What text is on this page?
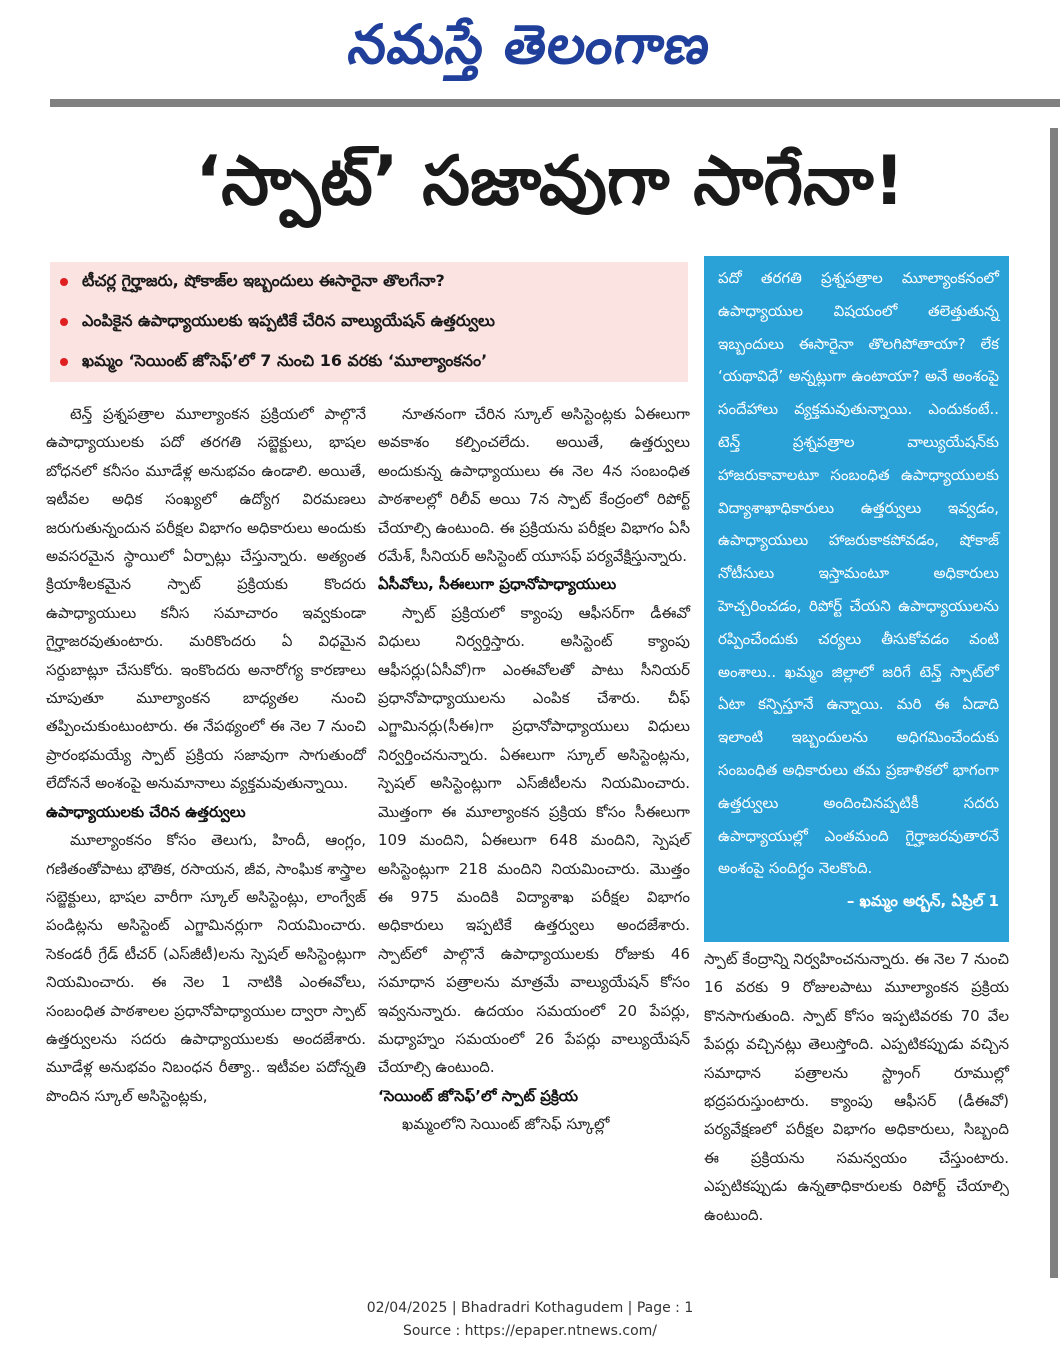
నమస్తే తెలంగాణ
‘స్పాట్’ సజావుగా సాగేనా!
టీచర్ల గైర్హాజరు, షోకాజ్‌ల ఇబ్బందులు ఈసారైనా తొలగేనా?
ఎంపికైన ఉపాధ్యాయులకు ఇప్పటికే చేరిన వాల్యుయేషన్ ఉత్తర్వులు
ఖమ్మం ‘సెయింట్ జోసెఫ్’లో 7 నుంచి 16 వరకు ‘మూల్యాంకనం’

పదో తరగతి ప్రశ్నపత్రాల మూల్యాంకనంలో ఉపాధ్యాయుల విషయంలో తలెత్తుతున్న ఇబ్బందులు ఈసారైనా తొలగిపోతాయా? లేక ‘యథావిధే’ అన్నట్లుగా ఉంటాయా? అనే అంశంపై సందేహాలు వ్యక్తమవుతున్నాయి. ఎందుకంటే.. టెన్త్ ప్రశ్నపత్రాల వాల్యుయేషన్‌కు హాజరుకావాలటూ సంబంధిత ఉపాధ్యాయులకు విద్యాశాఖాధికారులు ఉత్తర్వులు ఇవ్వడం, ఉపాధ్యాయులు హాజరుకాకపోవడం, షోకాజ్ నోటీసులు ఇస్తామంటూ అధికారులు హెచ్చరించడం, రిపోర్ట్ చేయని ఉపాధ్యాయులను రప్పించేందుకు చర్యలు తీసుకోవడం వంటి అంశాలు.. ఖమ్మం జిల్లాలో జరిగే టెన్త్ స్పాట్‌లో ఏటా కన్పిస్తూనే ఉన్నాయి. మరి ఈ ఏడాది ఇలాంటి ఇబ్బందులను అధిగమించేందుకు సంబంధిత అధికారులు తమ ప్రణాళికలో భాగంగా ఉత్తర్వులు అందించినప్పటికీ సదరు ఉపాధ్యాయుల్లో ఎంతమంది గైర్హాజరవుతారనే అంశంపై సందిగ్ధం నెలకొంది.

– ఖమ్మం అర్బన్, ఏప్రిల్ 1

టెన్త్ ప్రశ్నపత్రాల మూల్యాంకన ప్రక్రియలో పాల్గొనే ఉపాధ్యాయులకు పదో తరగతి సబ్జెక్టులు, భాషల బోధనలో కనీసం మూడేళ్ల అనుభవం ఉండాలి. అయితే, ఇటీవల అధిక సంఖ్యలో ఉద్యోగ విరమణలు జరుగుతున్నందున పరీక్షల విభాగం అధికారులు అందుకు అవసరమైన స్థాయిలో ఏర్పాట్లు చేస్తున్నారు. అత్యంత క్రియాశీలకమైన స్పాట్ ప్రక్రియకు కొందరు ఉపాధ్యాయులు కనీస సమాచారం ఇవ్వకుండా గైర్హాజరవుతుంటారు. మరికొందరు ఏ విధమైన సర్దుబాట్లూ చేసుకోరు. ఇంకొందరు అనారోగ్య కారణాలు చూపుతూ మూల్యాంకన బాధ్యతల నుంచి తప్పించుకుంటుంటారు. ఈ నేపథ్యంలో ఈ నెల 7 నుంచి ప్రారంభమయ్యే స్పాట్ ప్రక్రియ సజావుగా సాగుతుందో లేదోననే అంశంపై అనుమానాలు వ్యక్తమవుతున్నాయి.

ఉపాధ్యాయులకు చేరిన ఉత్తర్వులు

మూల్యాంకనం కోసం తెలుగు, హిందీ, ఆంగ్లం, గణితంతోపాటు భౌతిక, రసాయన, జీవ, సాంఘిక శాస్త్రాల సబ్జెక్టులు, భాషల వారీగా స్కూల్ అసిస్టెంట్లు, లాంగ్వేజ్ పండిట్లను అసిస్టెంట్ ఎగ్జామినర్లుగా నియమించారు. సెకండరీ గ్రేడ్ టీచర్ (ఎస్‌జీటీ)లను స్పెషల్ అసిస్టెంట్లుగా నియమించారు. ఈ నెల 1 నాటికి ఎంఈవోలు, సంబంధిత పాఠశాలల ప్రధానోపాధ్యాయుల ద్వారా స్పాట్ ఉత్తర్వులను సదరు ఉపాధ్యాయులకు అందజేశారు. మూడేళ్ల అనుభవం నిబంధన రీత్యా.. ఇటీవల పదోన్నతి పొందిన స్కూల్ అసిస్టెంట్లకు,

నూతనంగా చేరిన స్కూల్ అసిస్టెంట్లకు ఏఈలుగా అవకాశం కల్పించలేదు. అయితే, ఉత్తర్వులు అందుకున్న ఉపాధ్యాయులు ఈ నెల 4న సంబంధిత పాఠశాలల్లో రిలీవ్ అయి 7న స్పాట్ కేంద్రంలో రిపోర్ట్ చేయాల్సి ఉంటుంది. ఈ ప్రక్రియను పరీక్షల విభాగం ఏసీ రమేశ్, సీనియర్ అసిస్టెంట్ యూసఫ్ పర్యవేక్షిస్తున్నారు.

ఏసీవోలు, సీఈలుగా ప్రధానోపాధ్యాయులు

స్పాట్ ప్రక్రియలో క్యాంపు ఆఫీసర్‌గా డీఈవో విధులు నిర్వర్తిస్తారు. అసిస్టెంట్ క్యాంపు ఆఫీసర్లు(ఏసీవో)గా ఎంఈవోలతో పాటు సీనియర్ ప్రధానోపాధ్యాయులను ఎంపిక చేశారు. చీఫ్ ఎగ్జామినర్లు(సీఈ)గా ప్రధానోపాధ్యాయులు విధులు నిర్వర్తించనున్నారు. ఏఈలుగా స్కూల్ అసిస్టెంట్లను, స్పెషల్ అసిస్టెంట్లుగా ఎస్‌జీటీలను నియమించారు. మొత్తంగా ఈ మూల్యాంకన ప్రక్రియ కోసం సీఈలుగా 109 మందిని, ఏఈలుగా 648 మందిని, స్పెషల్ అసిస్టెంట్లుగా 218 మందిని నియమించారు. మొత్తం ఈ 975 మందికి విద్యాశాఖ పరీక్షల విభాగం అధికారులు ఇప్పటికే ఉత్తర్వులు అందజేశారు. స్పాట్‌లో పాల్గొనే ఉపాధ్యాయులకు రోజుకు 46 సమాధాన పత్రాలను మాత్రమే వాల్యుయేషన్ కోసం ఇవ్వనున్నారు. ఉదయం సమయంలో 20 పేపర్లు, మధ్యాహ్నం సమయంలో 26 పేపర్లు వాల్యుయేషన్ చేయాల్సి ఉంటుంది.

‘సెయింట్ జోసెఫ్’లో స్పాట్ ప్రక్రియ

ఖమ్మంలోని సెయింట్ జోసెఫ్ స్కూల్లో

స్పాట్ కేంద్రాన్ని నిర్వహించనున్నారు. ఈ నెల 7 నుంచి 16 వరకు 9 రోజులపాటు మూల్యాంకన ప్రక్రియ కొనసాగుతుంది. స్పాట్ కోసం ఇప్పటివరకు 70 వేల పేపర్లు వచ్చినట్లు తెలుస్తోంది. ఎప్పటికప్పుడు వచ్చిన సమాధాన పత్రాలను స్ట్రాంగ్ రూముల్లో భద్రపరుస్తుంటారు. క్యాంపు ఆఫీసర్ (డీఈవో) పర్యవేక్షణలో పరీక్షల విభాగం అధికారులు, సిబ్బంది ఈ ప్రక్రియను సమన్వయం చేస్తుంటారు. ఎప్పటికప్పుడు ఉన్నతాధికారులకు రిపోర్ట్ చేయాల్సి ఉంటుంది.

02/04/2025 | Bhadradri Kothagudem | Page : 1
Source : https://epaper.ntnews.com/
